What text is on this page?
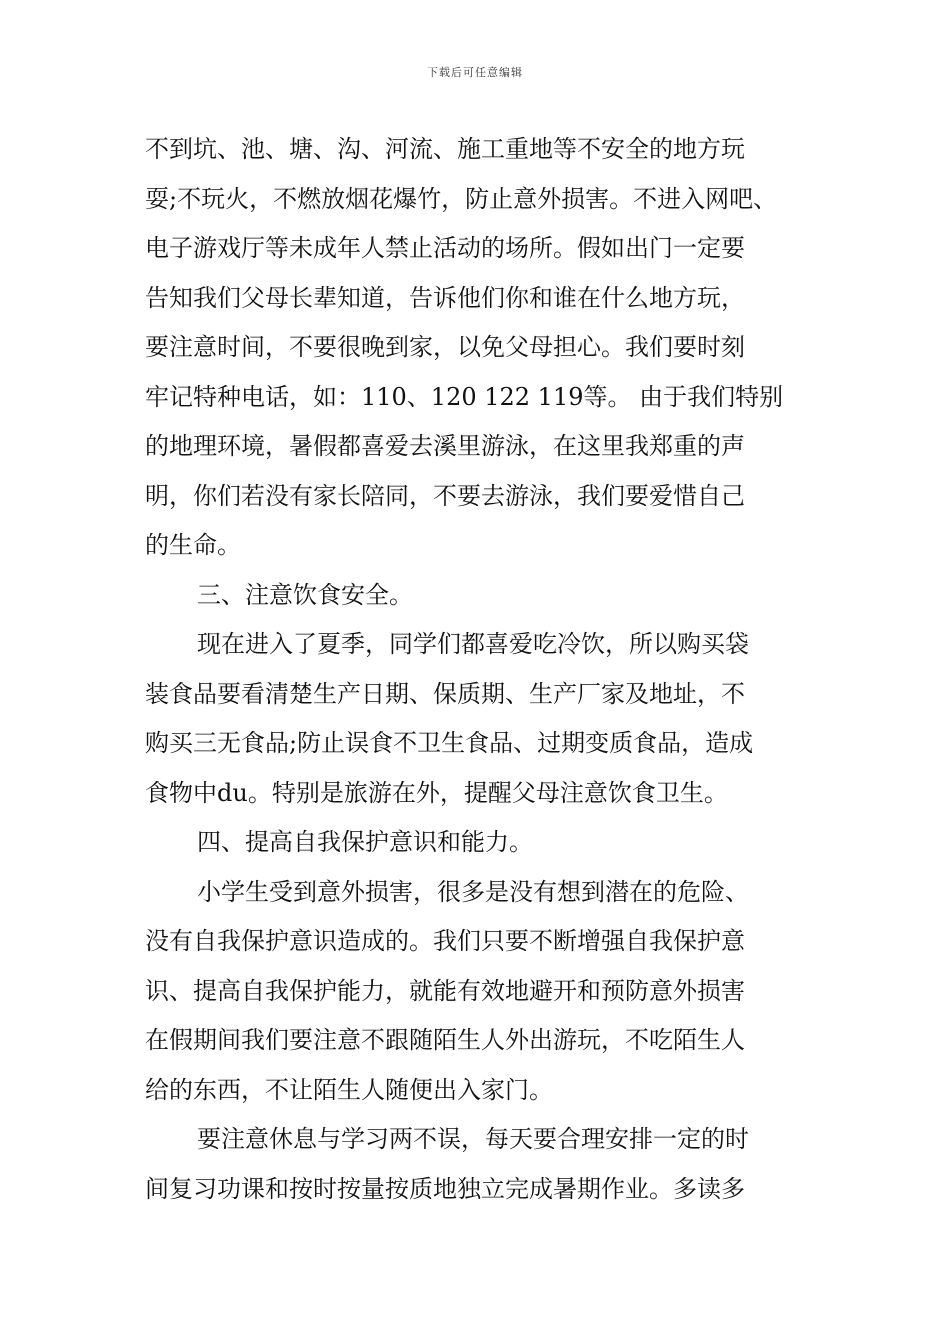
下载后可任意编辑
不到坑、池、塘、沟、河流、施工重地等不安全的地方玩
耍;不玩火，不燃放烟花爆竹，防止意外损害。不进入网吧、
电子游戏厅等未成年人禁止活动的场所。假如出门一定要
告知我们父母长辈知道，告诉他们你和谁在什么地方玩，
要注意时间，不要很晚到家，以免父母担心。我们要时刻
牢记特种电话，如：110、120 122 119等。 由于我们特别
的地理环境，暑假都喜爱去溪里游泳，在这里我郑重的声
明，你们若没有家长陪同，不要去游泳，我们要爱惜自己
的生命。
三、注意饮食安全。
现在进入了夏季，同学们都喜爱吃冷饮，所以购买袋
装食品要看清楚生产日期、保质期、生产厂家及地址，不
购买三无食品;防止误食不卫生食品、过期变质食品，造成
食物中du。特别是旅游在外，提醒父母注意饮食卫生。
四、提高自我保护意识和能力。
小学生受到意外损害，很多是没有想到潜在的危险、
没有自我保护意识造成的。我们只要不断增强自我保护意
识、提高自我保护能力，就能有效地避开和预防意外损害
在假期间我们要注意不跟随陌生人外出游玩，不吃陌生人
给的东西，不让陌生人随便出入家门。
要注意休息与学习两不误，每天要合理安排一定的时
间复习功课和按时按量按质地独立完成暑期作业。多读多
